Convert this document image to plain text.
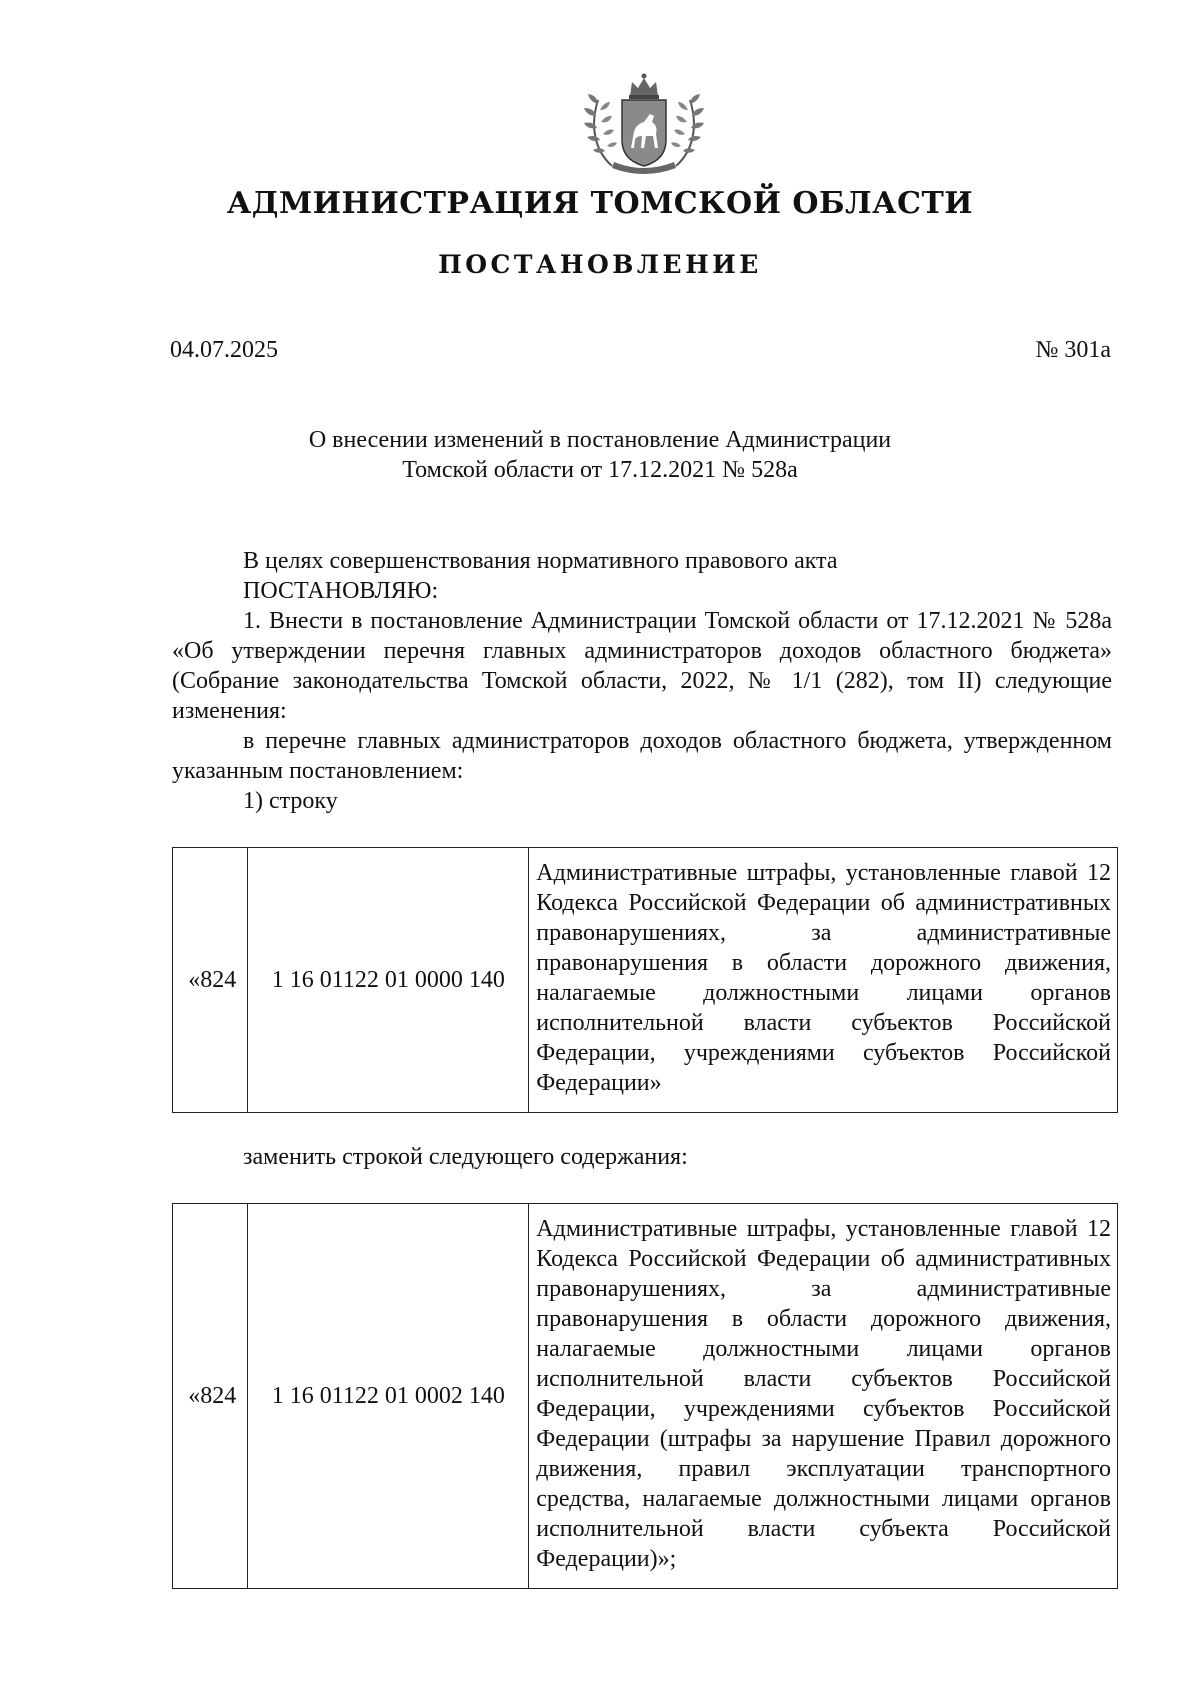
АДМИНИСТРАЦИЯ ТОМСКОЙ ОБЛАСТИ
ПОСТАНОВЛЕНИЕ
04.07.2025	№ 301а
О внесении изменений в постановление Администрации
Томской области от 17.12.2021 № 528а

В целях совершенствования нормативного правового акта

ПОСТАНОВЛЯЮ:

1. Внести в постановление Администрации Томской области от 17.12.2021 № 528а «Об утверждении перечня главных администраторов доходов областного бюджета» (Собрание законодательства Томской области, 2022, № 1/1 (282), том II) следующие изменения:

в перечне главных администраторов доходов областного бюджета, утвержденном указанным постановлением:

1) строку

«824	1 16 01122 01 0000 140	Административные штрафы, установленные главой 12 Кодекса Российской Федерации об административных правонарушениях, за административные правонарушения в области дорожного движения, налагаемые должностными лицами органов исполнительной власти субъектов Российской Федерации, учреждениями субъектов Российской Федерации»
заменить строкой следующего содержания:
«824	1 16 01122 01 0002 140	Административные штрафы, установленные главой 12 Кодекса Российской Федерации об административных правонарушениях, за административные правонарушения в области дорожного движения, налагаемые должностными лицами органов исполнительной власти субъектов Российской Федерации, учреждениями субъектов Российской Федерации (штрафы за нарушение Правил дорожного движения, правил эксплуатации транспортного средства, налагаемые должностными лицами органов исполнительной власти субъекта Российской Федерации)»;
